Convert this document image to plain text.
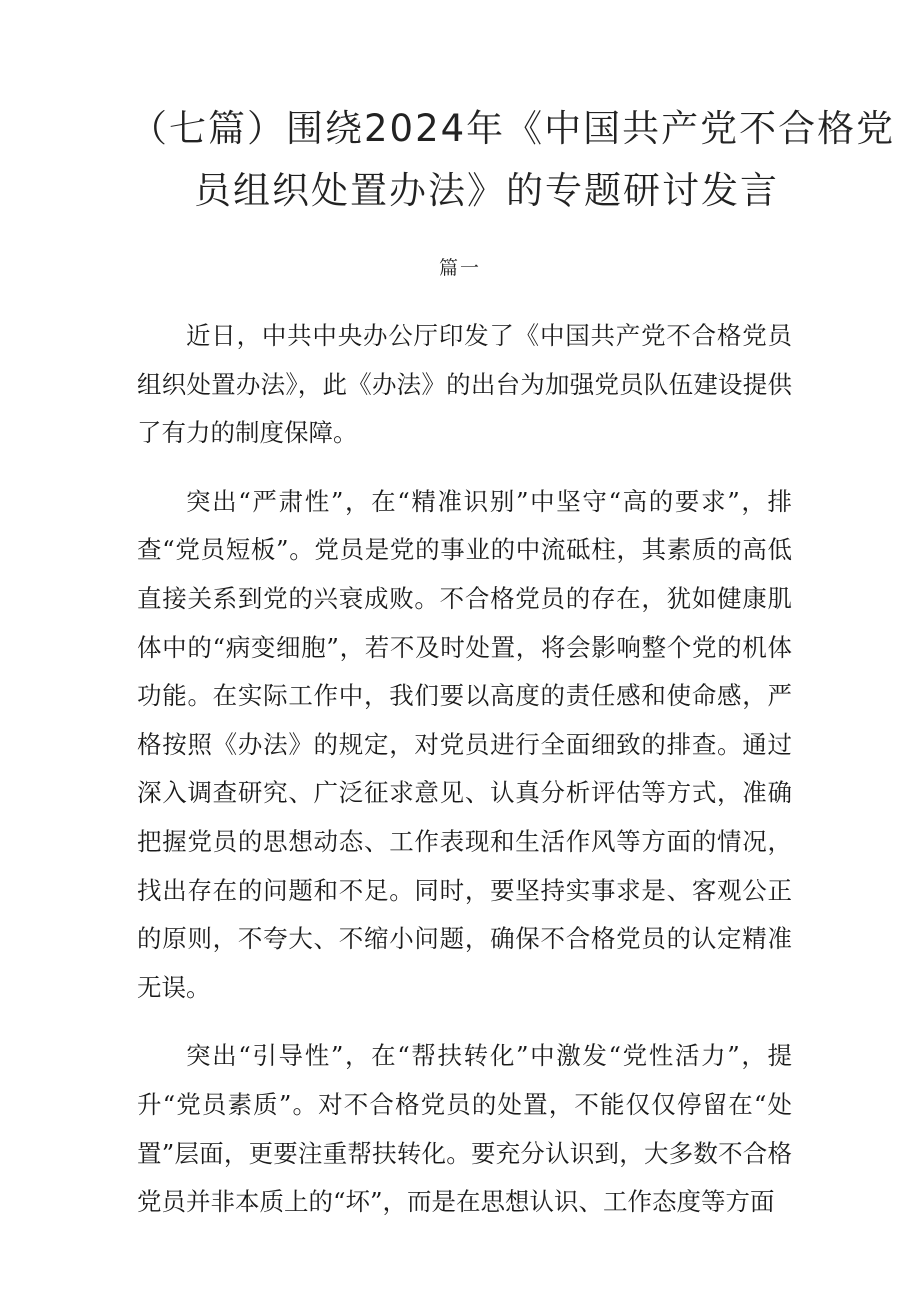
（七篇）围绕2024年《中国共产党不合格党
员组织处置办法》的专题研讨发言
篇一

近日，中共中央办公厅印发了《中国共产党不合格党员组织处置办法》，此《办法》的出台为加强党员队伍建设提供了有力的制度保障。

突出“严肃性”，在“精准识别”中坚守“高的要求”，排查“党员短板”。党员是党的事业的中流砥柱，其素质的高低直接关系到党的兴衰成败。不合格党员的存在，犹如健康肌体中的“病变细胞”，若不及时处置，将会影响整个党的机体功能。在实际工作中，我们要以高度的责任感和使命感，严格按照《办法》的规定，对党员进行全面细致的排查。通过深入调查研究、广泛征求意见、认真分析评估等方式，准确把握党员的思想动态、工作表现和生活作风等方面的情况，找出存在的问题和不足。同时，要坚持实事求是、客观公正的原则，不夸大、不缩小问题，确保不合格党员的认定精准无误。

突出“引导性”，在“帮扶转化”中激发“党性活力”，提升“党员素质”。对不合格党员的处置，不能仅仅停留在“处置”层面，更要注重帮扶转化。要充分认识到，大多数不合格党员并非本质上的“坏”，而是在思想认识、工作态度等方面
